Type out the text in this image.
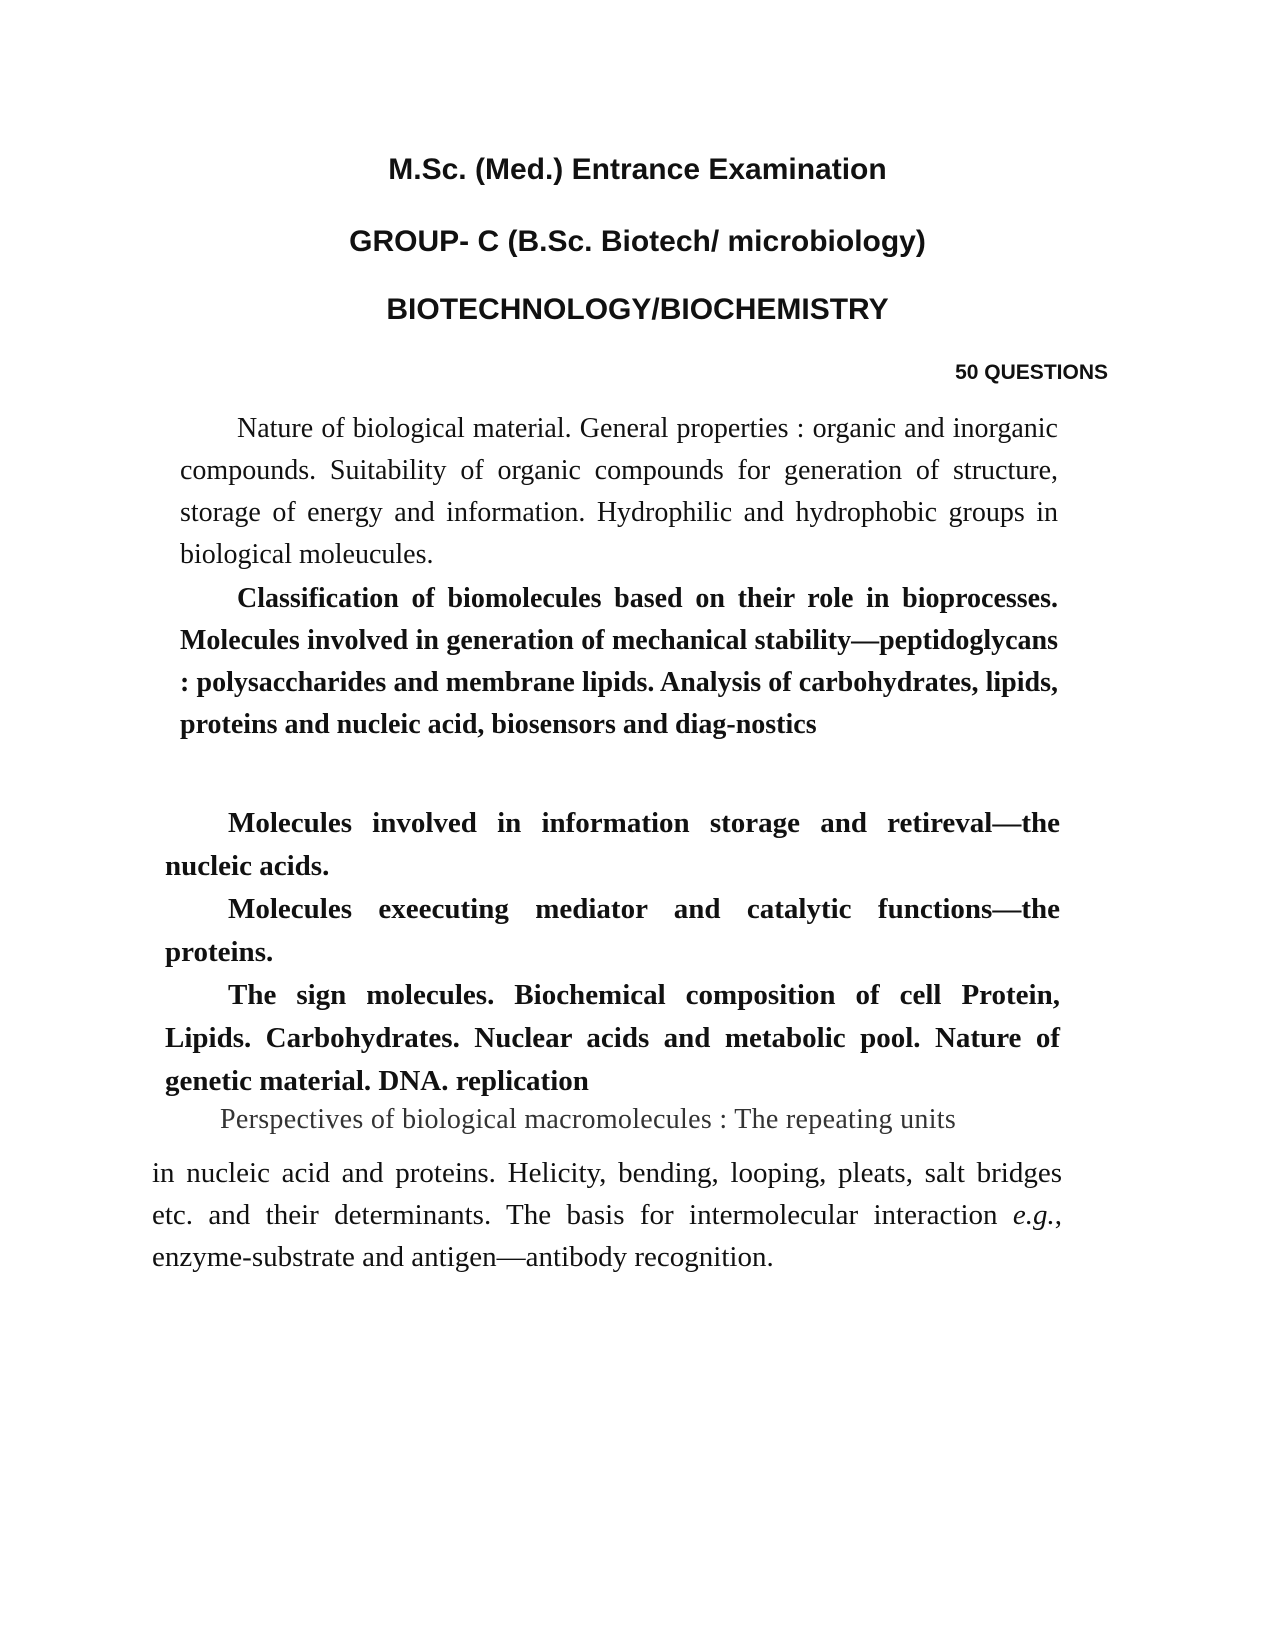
M.Sc. (Med.) Entrance Examination
GROUP- C (B.Sc. Biotech/ microbiology)
BIOTECHNOLOGY/BIOCHEMISTRY
50 QUESTIONS

Nature of biological material. General properties : organic and inorganic compounds. Suitability of organic compounds for generation of structure, storage of energy and information. Hydrophilic and hydrophobic groups in biological moleucules.

Classification of biomolecules based on their role in bioprocesses. Molecules involved in generation of mechanical stability—peptidoglycans : polysaccharides and membrane lipids. Analysis of carbohydrates, lipids, proteins and nucleic acid, biosensors and diag-nostics

Molecules involved in information storage and retireval—the nucleic acids.

Molecules exeecuting mediator and catalytic functions—the proteins.

The sign molecules. Biochemical composition of cell Protein, Lipids. Carbohydrates. Nuclear acids and metabolic pool. Nature of genetic material. DNA. replication

Perspectives of biological macromolecules : The repeating units

in nucleic acid and proteins. Helicity, bending, looping, pleats, salt bridges etc. and their determinants. The basis for intermolecular interaction e.g., enzyme-substrate and antigen—antibody recognition.
